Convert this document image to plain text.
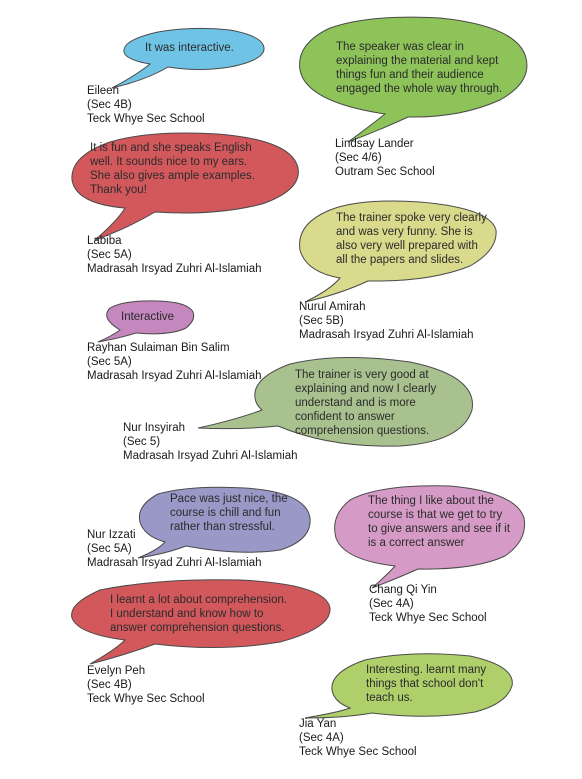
It was interactive.	The speaker was clear in
explaining the material and kept
things fun and their audience
engaged the whole way through.
It is fun and she speaks English
well. It sounds nice to my ears.
She also gives ample examples.
Thank you!
The trainer spoke very clearly
and was very funny. She is
also very well prepared with
all the papers and slides.
Interactive
The trainer is very good at
explaining and now I clearly
understand and is more
confident to answer
comprehension questions.
Pace was just nice, the
course is chill and fun
rather than stressful.
The thing I like about the
course is that we get to try
to give answers and see if it
is a correct answer
I learnt a lot about comprehension.
I understand and know how to
answer comprehension questions.
Interesting. learnt many
things that school don't
teach us.
Eileen
(Sec 4B)
Teck Whye Sec School
Lindsay Lander
(Sec 4/6)
Outram Sec School
Labiba
(Sec 5A)
Madrasah Irsyad Zuhri Al-Islamiah
Nurul Amirah
(Sec 5B)
Madrasah Irsyad Zuhri Al-Islamiah
Rayhan Sulaiman Bin Salim
(Sec 5A)
Madrasah Irsyad Zuhri Al-Islamiah
Nur Insyirah
(Sec 5)
Madrasah Irsyad Zuhri Al-Islamiah
Nur Izzati
(Sec 5A)
Madrasah Irsyad Zuhri Al-Islamiah
Chang Qi Yin
(Sec 4A)
Teck Whye Sec School
Evelyn Peh
(Sec 4B)
Teck Whye Sec School
Jia Yan
(Sec 4A)
Teck Whye Sec School
